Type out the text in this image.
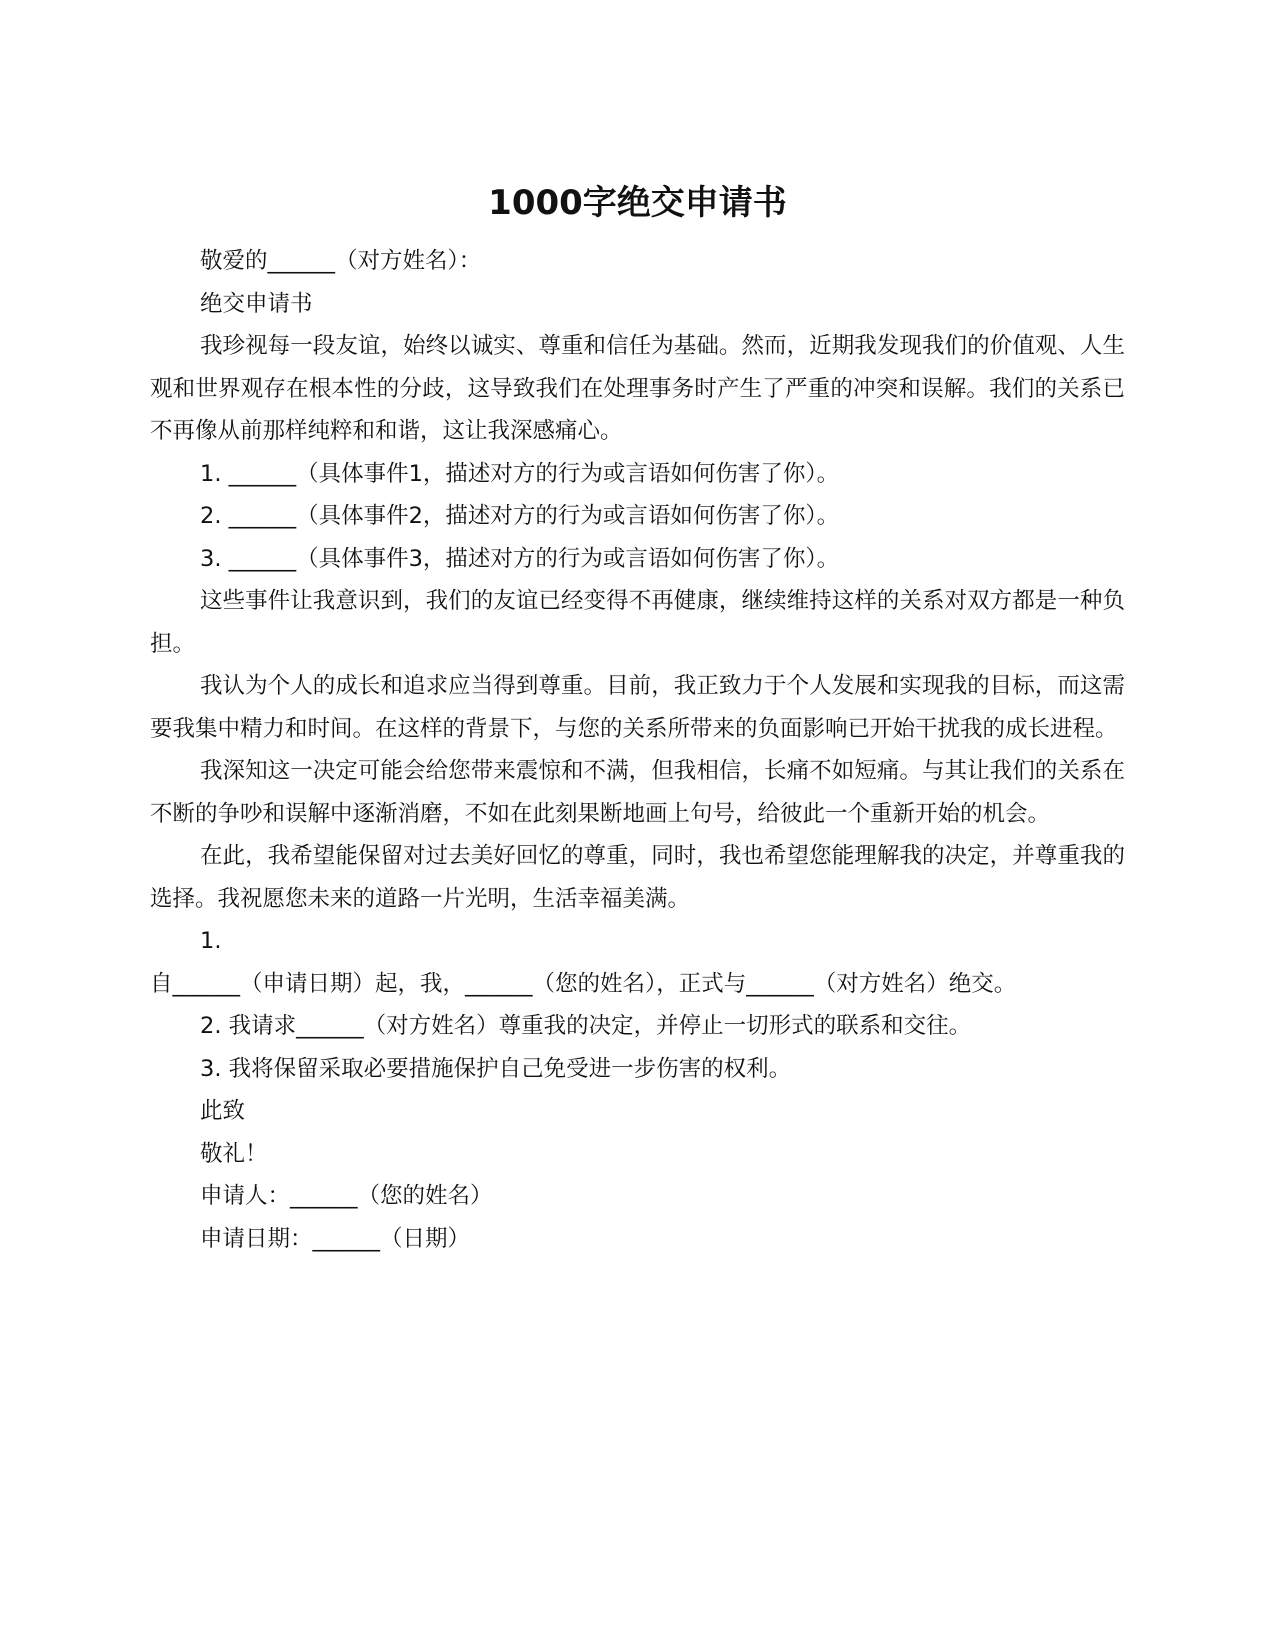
1000字绝交申请书

敬爱的______（对方姓名）：

绝交申请书

我珍视每一段友谊，始终以诚实、尊重和信任为基础。然而，近期我发现我们的价值观、人生观和世界观存在根本性的分歧，这导致我们在处理事务时产生了严重的冲突和误解。我们的关系已不再像从前那样纯粹和和谐，这让我深感痛心。

1. ______（具体事件1，描述对方的行为或言语如何伤害了你）。

2. ______（具体事件2，描述对方的行为或言语如何伤害了你）。

3. ______（具体事件3，描述对方的行为或言语如何伤害了你）。

这些事件让我意识到，我们的友谊已经变得不再健康，继续维持这样的关系对双方都是一种负担。

我认为个人的成长和追求应当得到尊重。目前，我正致力于个人发展和实现我的目标，而这需要我集中精力和时间。在这样的背景下，与您的关系所带来的负面影响已开始干扰我的成长进程。

我深知这一决定可能会给您带来震惊和不满，但我相信，长痛不如短痛。与其让我们的关系在不断的争吵和误解中逐渐消磨，不如在此刻果断地画上句号，给彼此一个重新开始的机会。

在此，我希望能保留对过去美好回忆的尊重，同时，我也希望您能理解我的决定，并尊重我的选择。我祝愿您未来的道路一片光明，生活幸福美满。

1.

自______（申请日期）起，我，______（您的姓名），正式与______（对方姓名）绝交。

2. 我请求______（对方姓名）尊重我的决定，并停止一切形式的联系和交往。

3. 我将保留采取必要措施保护自己免受进一步伤害的权利。

此致

敬礼！

申请人：______（您的姓名）

申请日期：______（日期）
